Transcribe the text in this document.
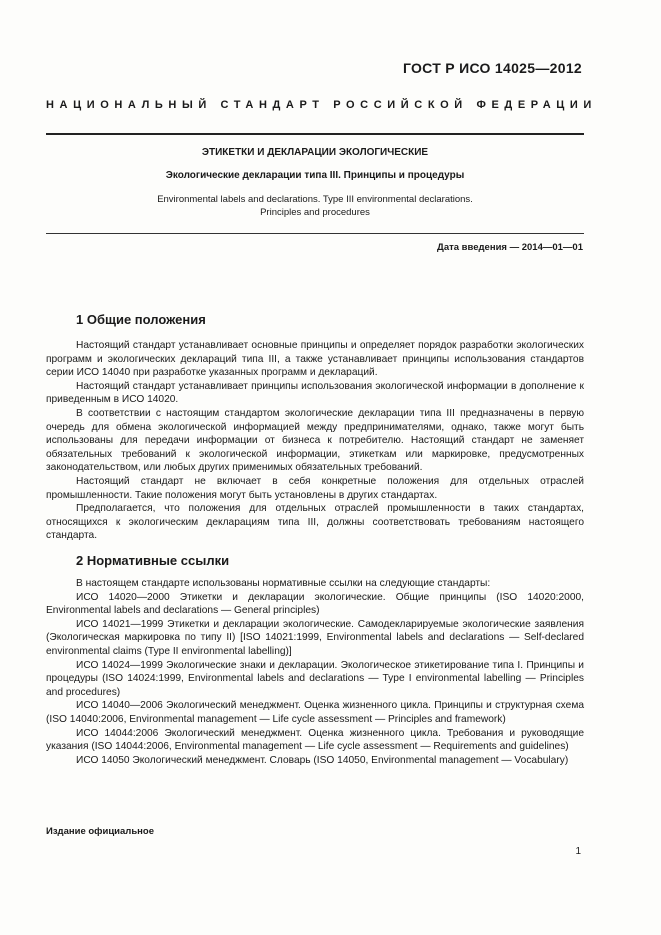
ГОСТ Р ИСО 14025—2012
НАЦИОНАЛЬНЫЙ СТАНДАРТ РОССИЙСКОЙ ФЕДЕРАЦИИ
ЭТИКЕТКИ И ДЕКЛАРАЦИИ ЭКОЛОГИЧЕСКИЕ
Экологические декларации типа III. Принципы и процедуры
Environmental labels and declarations. Type III environmental declarations.
Principles and procedures
Дата введения — 2014—01—01
1 Общие положения

Настоящий стандарт устанавливает основные принципы и определяет порядок разработки экологических программ и экологических деклараций типа III, а также устанавливает принципы использования стандартов серии ИСО 14040 при разработке указанных программ и деклараций.

Настоящий стандарт устанавливает принципы использования экологической информации в дополнение к приведенным в ИСО 14020.

В соответствии с настоящим стандартом экологические декларации типа III предназначены в первую очередь для обмена экологической информацией между предпринимателями, однако, также могут быть использованы для передачи информации от бизнеса к потребителю. Настоящий стандарт не заменяет обязательных требований к экологической информации, этикеткам или маркировке, предусмотренных законодательством, или любых других применимых обязательных требований.

Настоящий стандарт не включает в себя конкретные положения для отдельных отраслей промышленности. Такие положения могут быть установлены в других стандартах.

Предполагается, что положения для отдельных отраслей промышленности в таких стандартах, относящихся к экологическим декларациям типа III, должны соответствовать требованиям настоящего стандарта.

2 Нормативные ссылки

В настоящем стандарте использованы нормативные ссылки на следующие стандарты:

ИСО 14020—2000 Этикетки и декларации экологические. Общие принципы (ISO 14020:2000, Environmental labels and declarations — General principles)

ИСО 14021—1999 Этикетки и декларации экологические. Самодекларируемые экологические заявления (Экологическая маркировка по типу II) [ISO 14021:1999, Environmental labels and declarations — Self-declared environmental claims (Type II environmental labelling)]

ИСО 14024—1999 Экологические знаки и декларации. Экологическое этикетирование типа I. Принципы и процедуры (ISO 14024:1999, Environmental labels and declarations — Type I environmental labelling — Principles and procedures)

ИСО 14040—2006 Экологический менеджмент. Оценка жизненного цикла. Принципы и структурная схема (ISO 14040:2006, Environmental management — Life cycle assessment — Principles and framework)

ИСО 14044:2006 Экологический менеджмент. Оценка жизненного цикла. Требования и руководящие указания (ISO 14044:2006, Environmental management — Life cycle assessment — Requirements and guidelines)

ИСО 14050 Экологический менеджмент. Словарь (ISO 14050, Environmental management — Vocabulary)

Издание официальное
1
